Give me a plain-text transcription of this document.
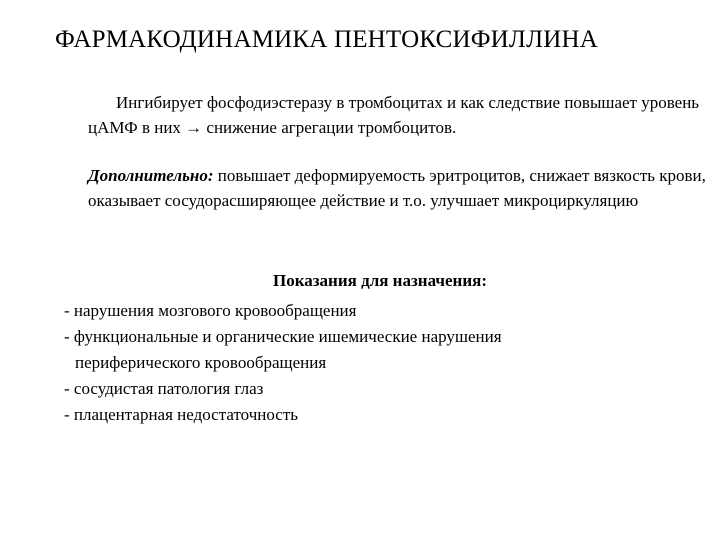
ФАРМАКОДИНАМИКА ПЕНТОКСИФИЛЛИНА
Ингибирует фосфодиэстеразу в тромбоцитах и как следствие повышает уровень цАМФ в них → снижение агрегации тромбоцитов.
Дополнительно: повышает деформируемость эритроцитов, снижает вязкость крови, оказывает сосудорасширяющее действие и т.о. улучшает микроциркуляцию
Показания для назначения:
- нарушения мозгового кровообращения
- функциональные и органические ишемические нарушения
периферического кровообращения
- сосудистая патология глаз
- плацентарная недостаточность
